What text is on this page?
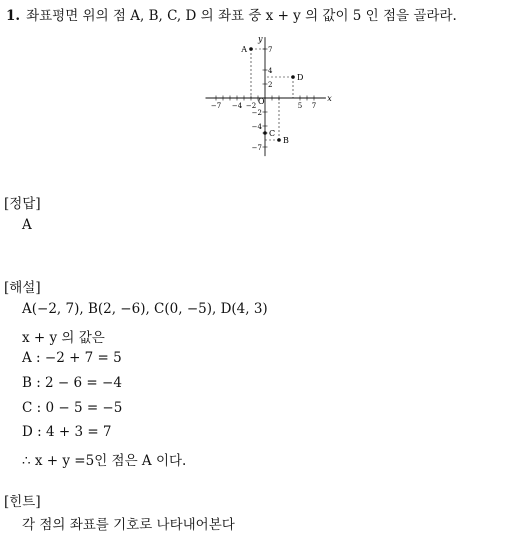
1. 좌표평면 위의 점 A, B, C, D 의 좌표 중 x + y 의 값이 5 인 점을 골라라.
x
y
O
−7 −4 −2	5 7
7
4
2
−2
−4
−7
A
B
C
D
[정답]
A
[해설]
A(−2, 7), B(2, −6), C(0, −5), D(4, 3)
x + y 의 값은
A : −2 + 7 = 5
B : 2 − 6 = −4
C : 0 − 5 = −5
D : 4 + 3 = 7
∴ x + y =5인 점은 A 이다.
[힌트]
각 점의 좌표를 기호로 나타내어본다
